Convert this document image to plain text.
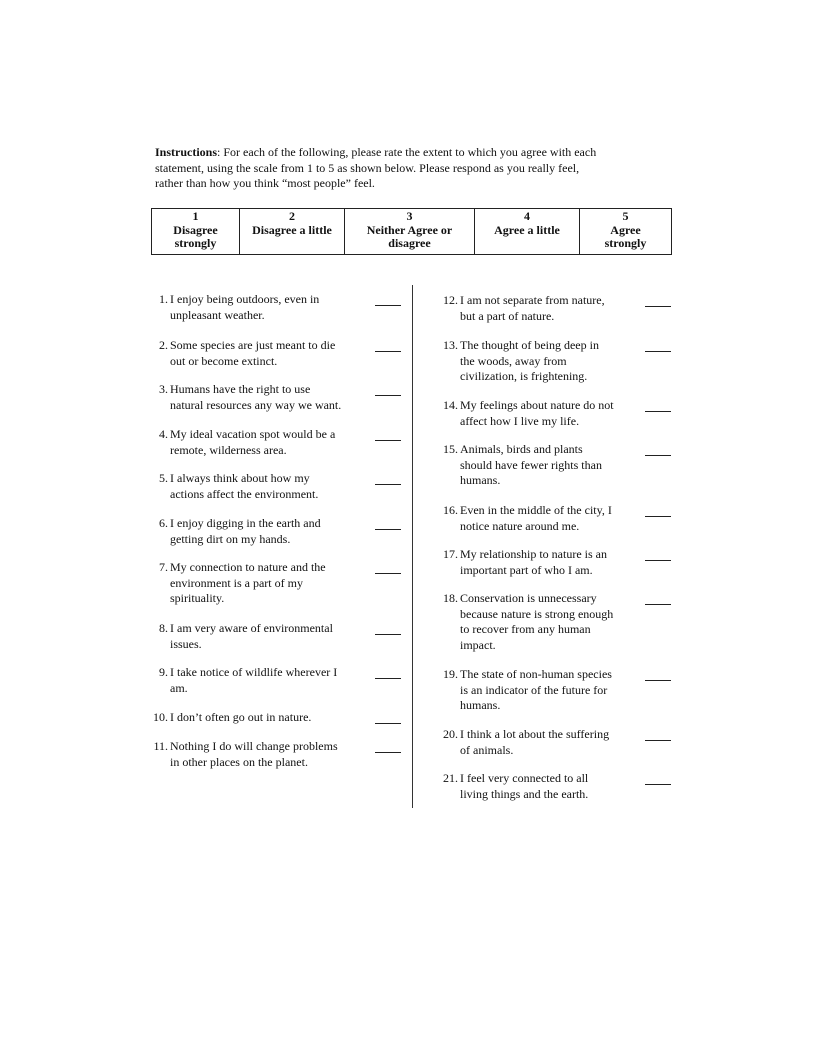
Instructions: For each of the following, please rate the extent to which you agree with each
statement, using the scale from 1 to 5 as shown below. Please respond as you really feel,
rather than how you think “most people” feel.

1
Disagree
strongly

2
Disagree a little

3
Neither Agree or
disagree

4
Agree a little

5
Agree
strongly
1. I enjoy being outdoors, even in
unpleasant weather.
2. Some species are just meant to die
out or become extinct.
3. Humans have the right to use
natural resources any way we want.
4. My ideal vacation spot would be a
remote, wilderness area.
5. I always think about how my
actions affect the environment.
6. I enjoy digging in the earth and
getting dirt on my hands.
7. My connection to nature and the
environment is a part of my
spirituality.
8. I am very aware of environmental
issues.
9. I take notice of wildlife wherever I
am.
10. I don’t often go out in nature.
11. Nothing I do will change problems
in other places on the planet.
12. I am not separate from nature,
but a part of nature.
13. The thought of being deep in
the woods, away from
civilization, is frightening.
14. My feelings about nature do not
affect how I live my life.
15. Animals, birds and plants
should have fewer rights than
humans.
16. Even in the middle of the city, I
notice nature around me.
17. My relationship to nature is an
important part of who I am.
18. Conservation is unnecessary
because nature is strong enough
to recover from any human
impact.
19. The state of non-human species
is an indicator of the future for
humans.
20. I think a lot about the suffering
of animals.
21. I feel very connected to all
living things and the earth.
